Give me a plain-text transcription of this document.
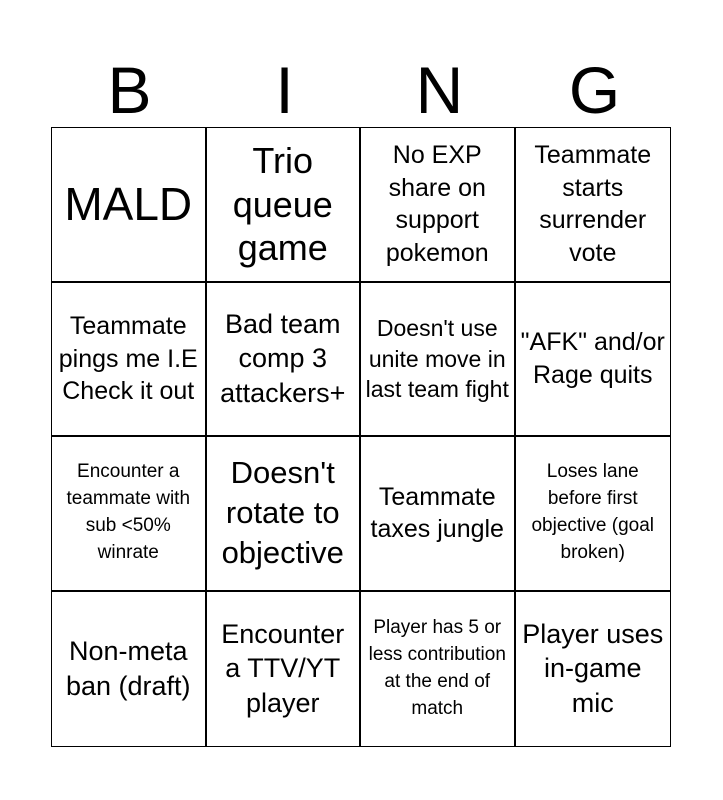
B	I	N	G
MALD
Trio queue game
No EXP share on support pokemon
Teammate starts surrender vote
Teammate pings me I.E Check it out
Bad team comp 3 attackers+
Doesn't use unite move in last team fight
"AFK" and/or Rage quits
Encounter a teammate with sub <50% winrate
Doesn't rotate to objective
Teammate taxes jungle
Loses lane before first objective (goal broken)
Non-meta ban (draft)
Encounter a TTV/YT player
Player has 5 or less contribution at the end of match
Player uses in-game mic
